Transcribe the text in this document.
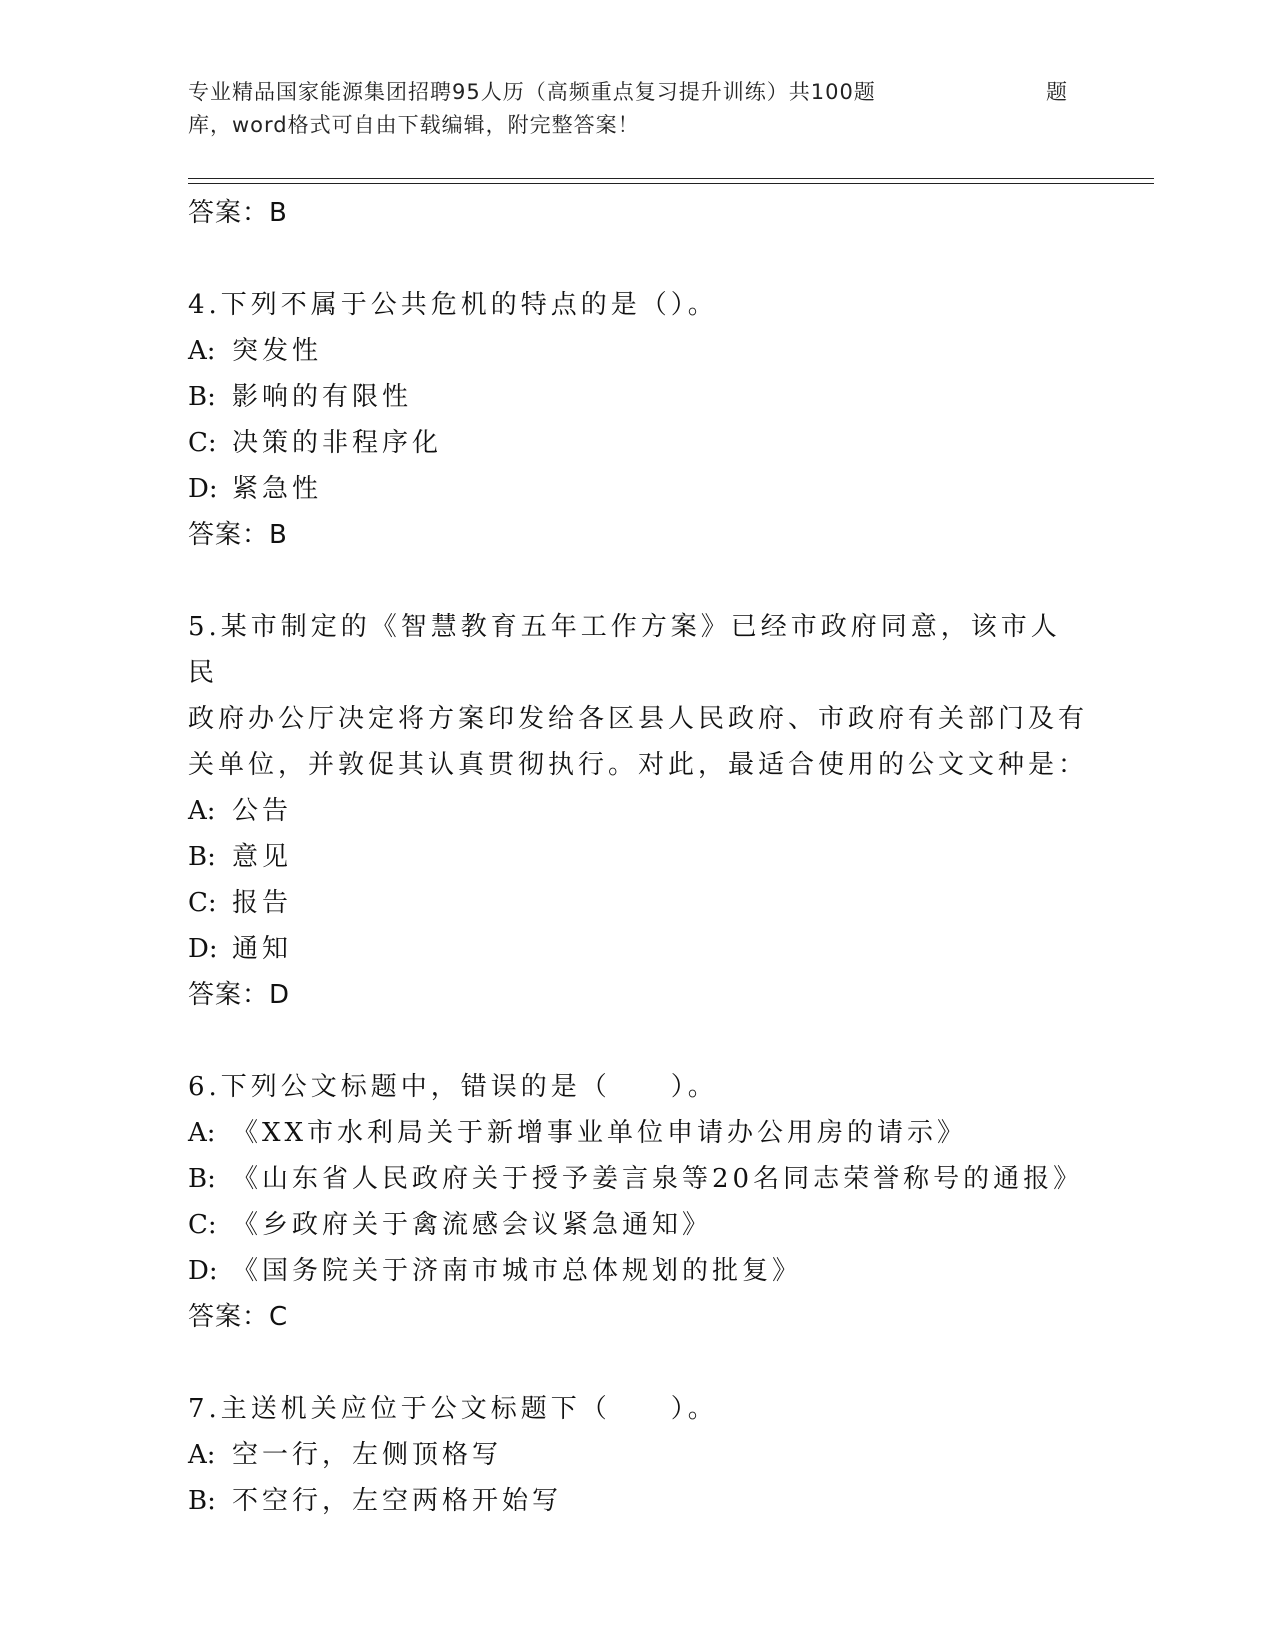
专业精品国家能源集团招聘95人历（高频重点复习提升训练）共100题	题
库，word格式可自由下载编辑，附完整答案！
答案：B
4.下列不属于公共危机的特点的是（）。
A: 突发性
B: 影响的有限性
C: 决策的非程序化
D: 紧急性
答案：B
5.某市制定的《智慧教育五年工作方案》已经市政府同意，该市人民
政府办公厅决定将方案印发给各区县人民政府、市政府有关部门及有
关单位，并敦促其认真贯彻执行。对此，最适合使用的公文文种是：
A: 公告
B: 意见
C: 报告
D: 通知
答案：D
6.下列公文标题中，错误的是（　　）。
A: 《XX市水利局关于新增事业单位申请办公用房的请示》
B: 《山东省人民政府关于授予姜言泉等20名同志荣誉称号的通报》
C: 《乡政府关于禽流感会议紧急通知》
D: 《国务院关于济南市城市总体规划的批复》
答案：C
7.主送机关应位于公文标题下（　　）。
A: 空一行，左侧顶格写
B: 不空行，左空两格开始写
